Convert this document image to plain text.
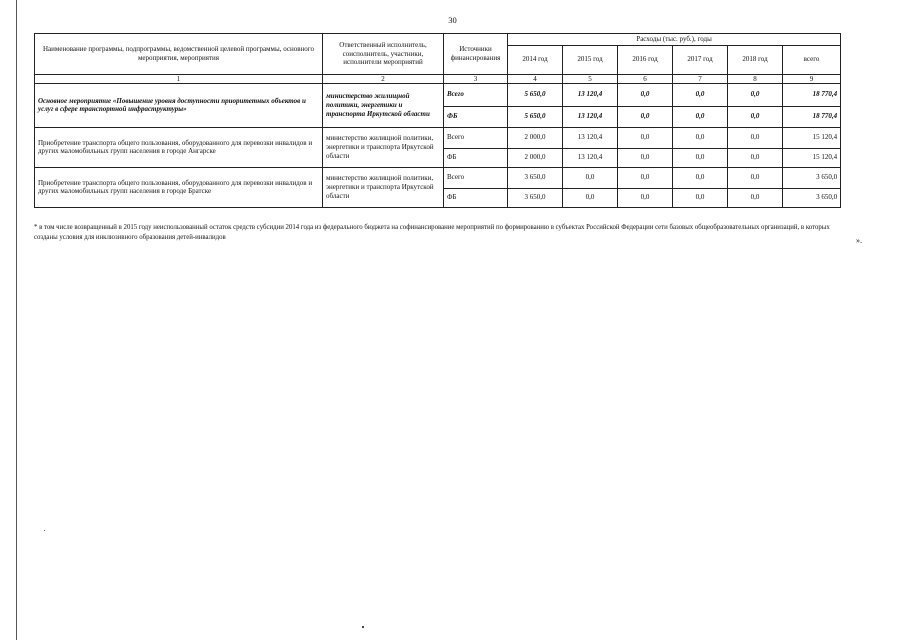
30
Наименование программы, подпрограммы, ведомственной целевой программы, основного мероприятия, мероприятия	Ответственный исполнитель, соисполнитель, участники, исполнители мероприятий	Источники финансирования	Расходы (тыс. руб.), годы					
			2014 год	2015 год	2016 год	2017 год	2018 год	всего
1	2	3	4	5	6	7	8	9
Основное мероприятие «Повышение уровня доступности приоритетных объектов и услуг в сфере транспортной инфраструктуры»	министерство жилищной политики, энергетики и транспорта Иркутской области	Всего	5 650,0	13 120,4	0,0	0,0	0,0	18 770,4
		ФБ	5 650,0	13 120,4	0,0	0,0	0,0	18 770,4
Приобретение транспорта общего пользования, оборудованного для перевозки инвалидов и других маломобильных групп населения в городе Ангарске	министерство жилищной политики, энергетики и транспорта Иркутской области	Всего	2 000,0	13 120,4	0,0	0,0	0,0	15 120,4
		ФБ	2 000,0	13 120,4	0,0	0,0	0,0	15 120,4
Приобретение транспорта общего пользования, оборудованного для перевозки инвалидов и других маломобильных групп населения в городе Братске	министерство жилищной политики, энергетики и транспорта Иркутской области	Всего	3 650,0	0,0	0,0	0,0	0,0	3 650,0
		ФБ	3 650,0	0,0	0,0	0,0	0,0	3 650,0
* в том числе возвращенный в 2015 году неиспользованный остаток средств субсидии 2014 года из федерального бюджета на софинансирование мероприятий по формированию в субъектах Российской Федерации сети базовых общеобразовательных организаций, в которых созданы условия для инклюзивного образования детей-инвалидов	».
